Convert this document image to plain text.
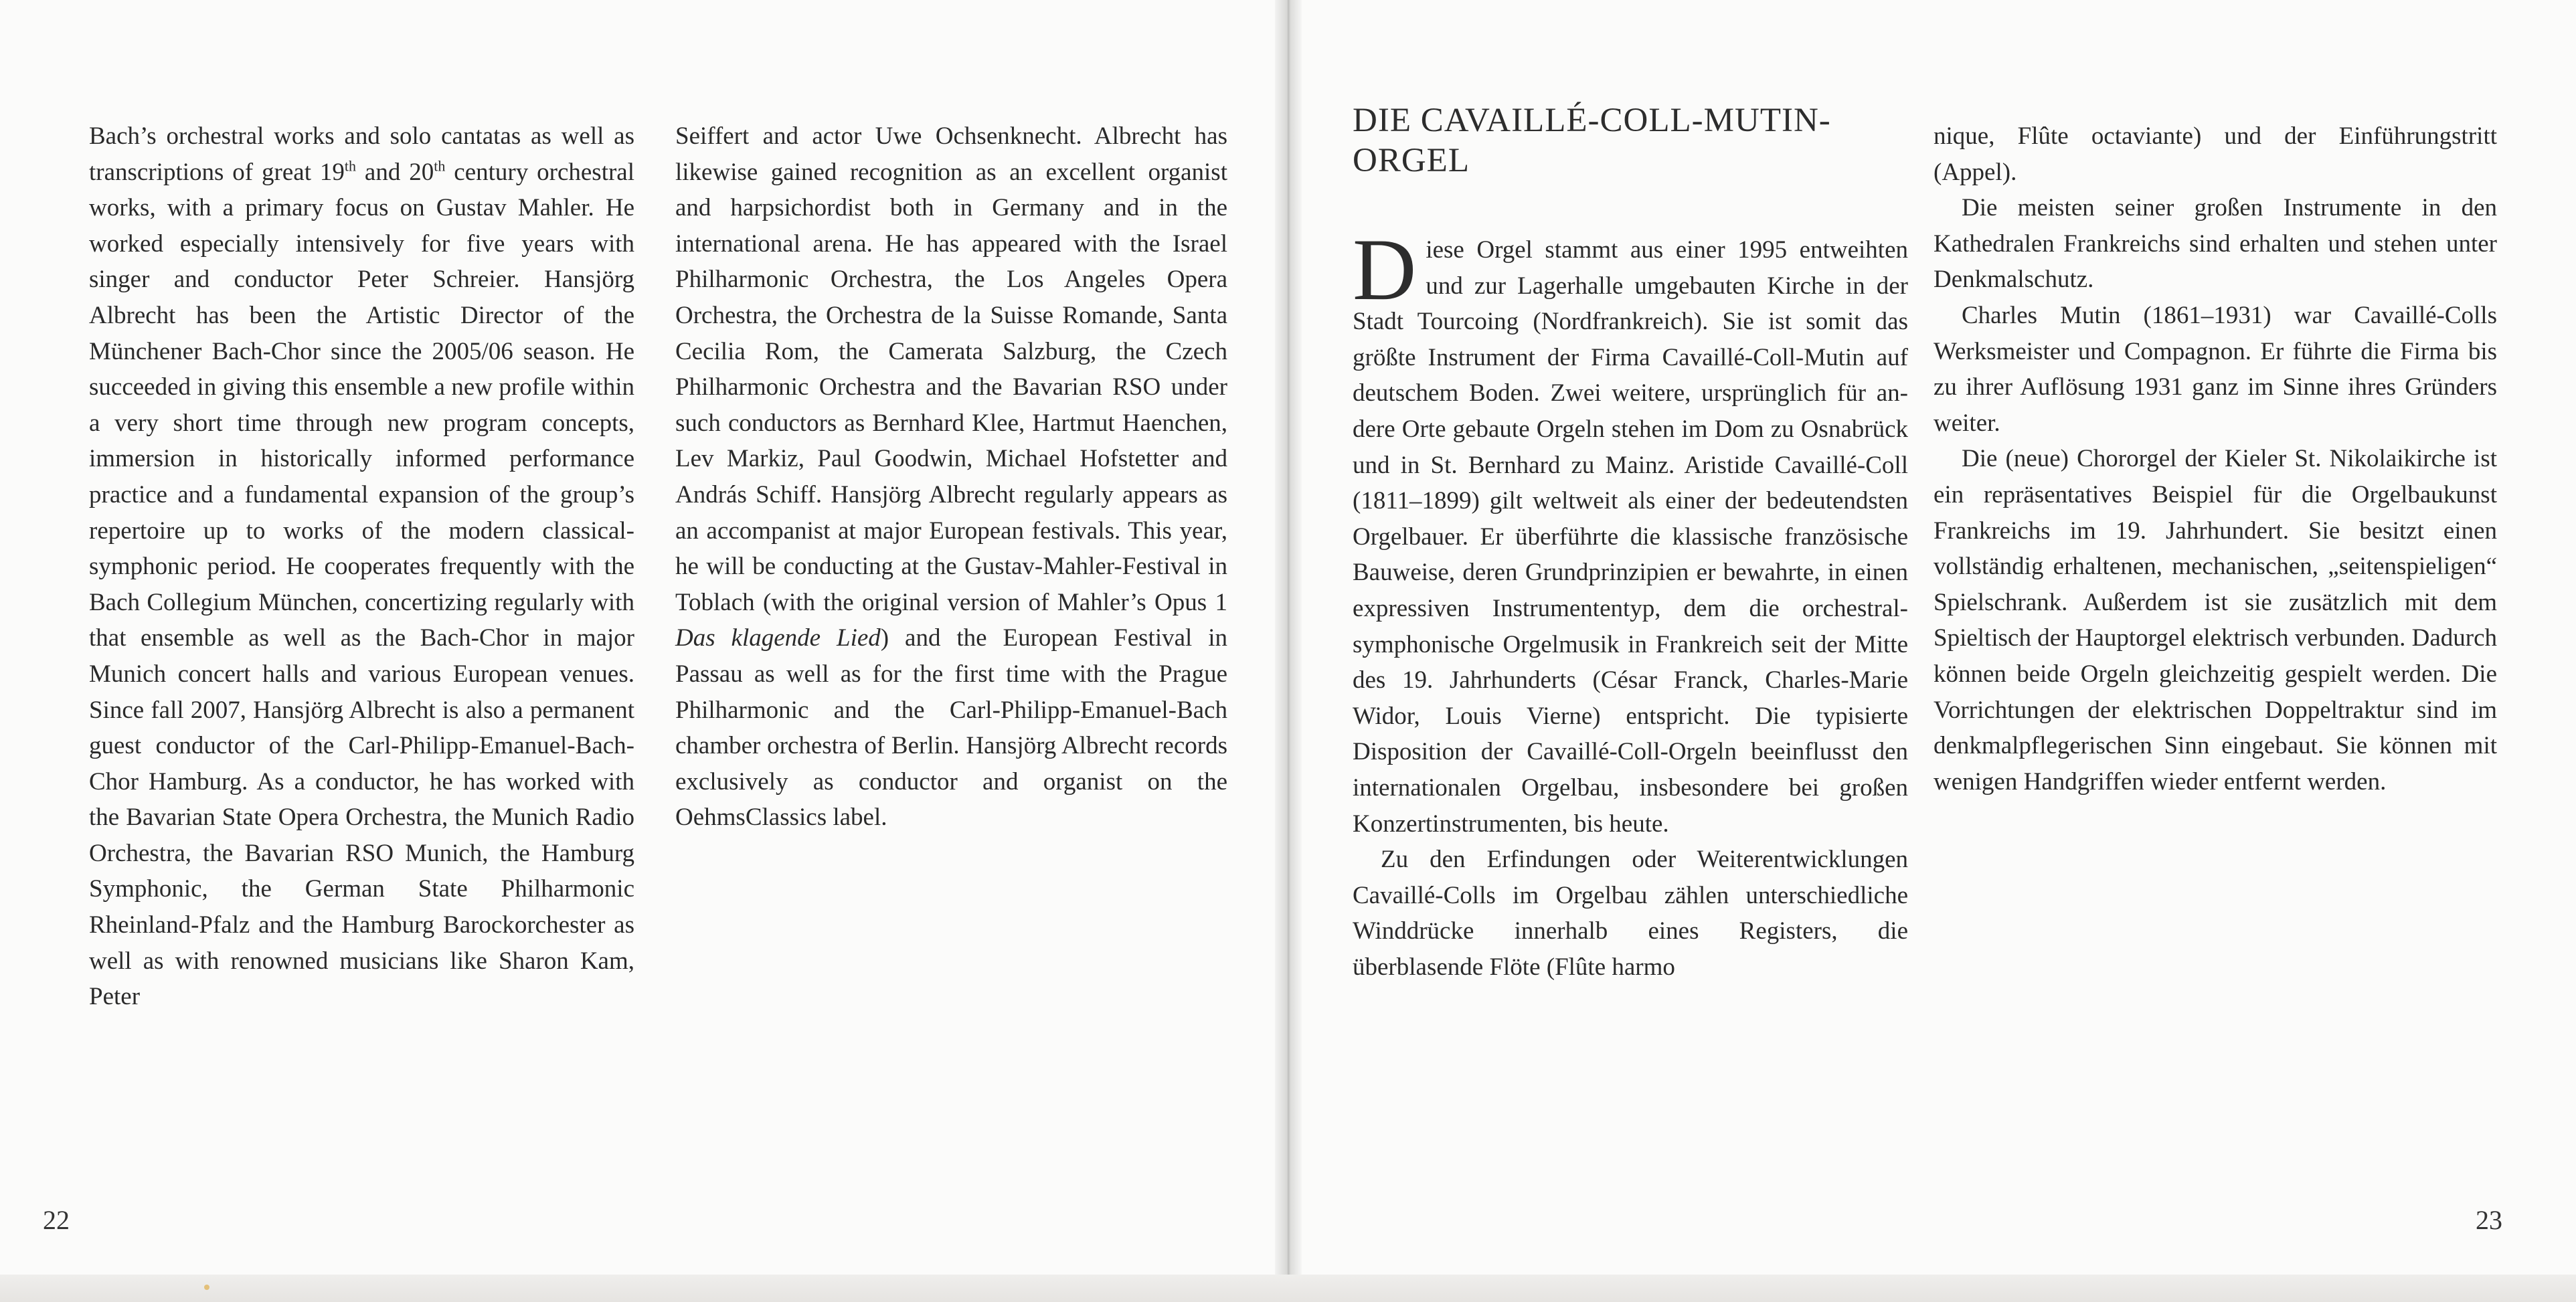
Bach’s orchestral works and solo cantatas as well as transcriptions of great 19th and 20th century orchestral works, with a primary focus on Gustav Mahler. He worked especially intensively for five years with singer and conductor Peter Schreier. Hansjörg Albrecht has been the Artistic Director of the Münchener Bach-Chor since the 2005/06 season. He succeeded in giving this ensemble a new profile within a very short time through new program concepts, immersion in historically informed performance practice and a fundamental expansion of the group’s repertoire up to works of the modern classical-symphonic period. He cooperates frequently with the Bach Collegium München, concertizing regularly with that ensemble as well as the Bach-Chor in major Munich concert halls and various European venues. Since fall 2007, Hansjörg Albrecht is also a permanent guest conductor of the Carl-Philipp-Emanuel-Bach-Chor Hamburg. As a conductor, he has worked with the Bavarian State Opera Orchestra, the Munich Radio Orchestra, the Bavarian RSO Munich, the Hamburg Symphonic, the German State Philharmonic Rheinland-Pfalz and the Hamburg Barockorchester as well as with renowned musicians like Sharon Kam, Peter

Seiffert and actor Uwe Ochsenknecht. Albrecht has likewise gained recognition as an excellent organist and harpsichordist both in Germany and in the international arena. He has appeared with the Israel Philharmonic Orchestra, the Los Angeles Opera Orchestra, the Orchestra de la Suisse Romande, Santa Cecilia Rom, the Camerata Salzburg, the Czech Philharmonic Orchestra and the Bavarian RSO under such conductors as Bernhard Klee, Hartmut Haenchen, Lev Markiz, Paul Goodwin, Michael Hofstetter and András Schiff. Hansjörg Albrecht regularly appears as an accompanist at major European festivals. This year, he will be conducting at the Gustav-Mahler-Festival in Toblach (with the original version of Mahler’s Opus 1 Das klagende Lied) and the European Festival in Passau as well as for the first time with the Prague Philharmonic and the Carl-Philipp-Emanuel-Bach chamber orchestra of Berlin. Hansjörg Albrecht records exclusively as conductor and organist on the OehmsClassics label.

22
DIE CAVAILLÉ-COLL-MUTIN-ORGEL

Diese Orgel stammt aus einer 1995 entweihten und zur Lagerhalle umgebauten Kirche in der Stadt Tourcoing (Nordfrankreich). Sie ist somit das größte Instrument der Firma Cavaillé-Coll-Mutin auf deutschem Boden. Zwei weitere, ursprünglich für andere Orte gebaute Orgeln stehen im Dom zu Osnabrück und in St. Bernhard zu Mainz. Aristide Cavaillé-Coll (1811–1899) gilt weltweit als einer der bedeutendsten Orgelbauer. Er überführte die klassische französische Bauweise, deren Grundprinzipien er bewahrte, in einen expressiven Instrumententyp, dem die orchestral-symphonische Orgelmusik in Frankreich seit der Mitte des 19. Jahrhunderts (César Franck, Charles-Marie Widor, Louis Vierne) entspricht. Die typisierte Disposition der Cavaillé-Coll-Orgeln beeinflusst den internationalen Orgelbau, insbesondere bei großen Konzertinstrumenten, bis heute.

Zu den Erfindungen oder Weiterentwicklungen Cavaillé-Colls im Orgelbau zählen unterschiedliche Winddrücke innerhalb eines Registers, die überblasende Flöte (Flûte harmo

nique, Flûte octaviante) und der Einführungstritt (Appel).

Die meisten seiner großen Instrumente in den Kathedralen Frankreichs sind erhalten und stehen unter Denkmalschutz.

Charles Mutin (1861–1931) war Cavaillé-Colls Werksmeister und Compagnon. Er führte die Firma bis zu ihrer Auflösung 1931 ganz im Sinne ihres Gründers weiter.

Die (neue) Chororgel der Kieler St. Nikolaikirche ist ein repräsentatives Beispiel für die Orgelbaukunst Frankreichs im 19. Jahrhundert. Sie besitzt einen vollständig erhaltenen, mechanischen, „seitenspieligen“ Spielschrank. Außerdem ist sie zusätzlich mit dem Spieltisch der Hauptorgel elektrisch verbunden. Dadurch können beide Orgeln gleichzeitig gespielt werden. Die Vorrichtungen der elektrischen Doppeltraktur sind im denkmalpflegerischen Sinn eingebaut. Sie können mit wenigen Handgriffen wieder entfernt werden.

23
